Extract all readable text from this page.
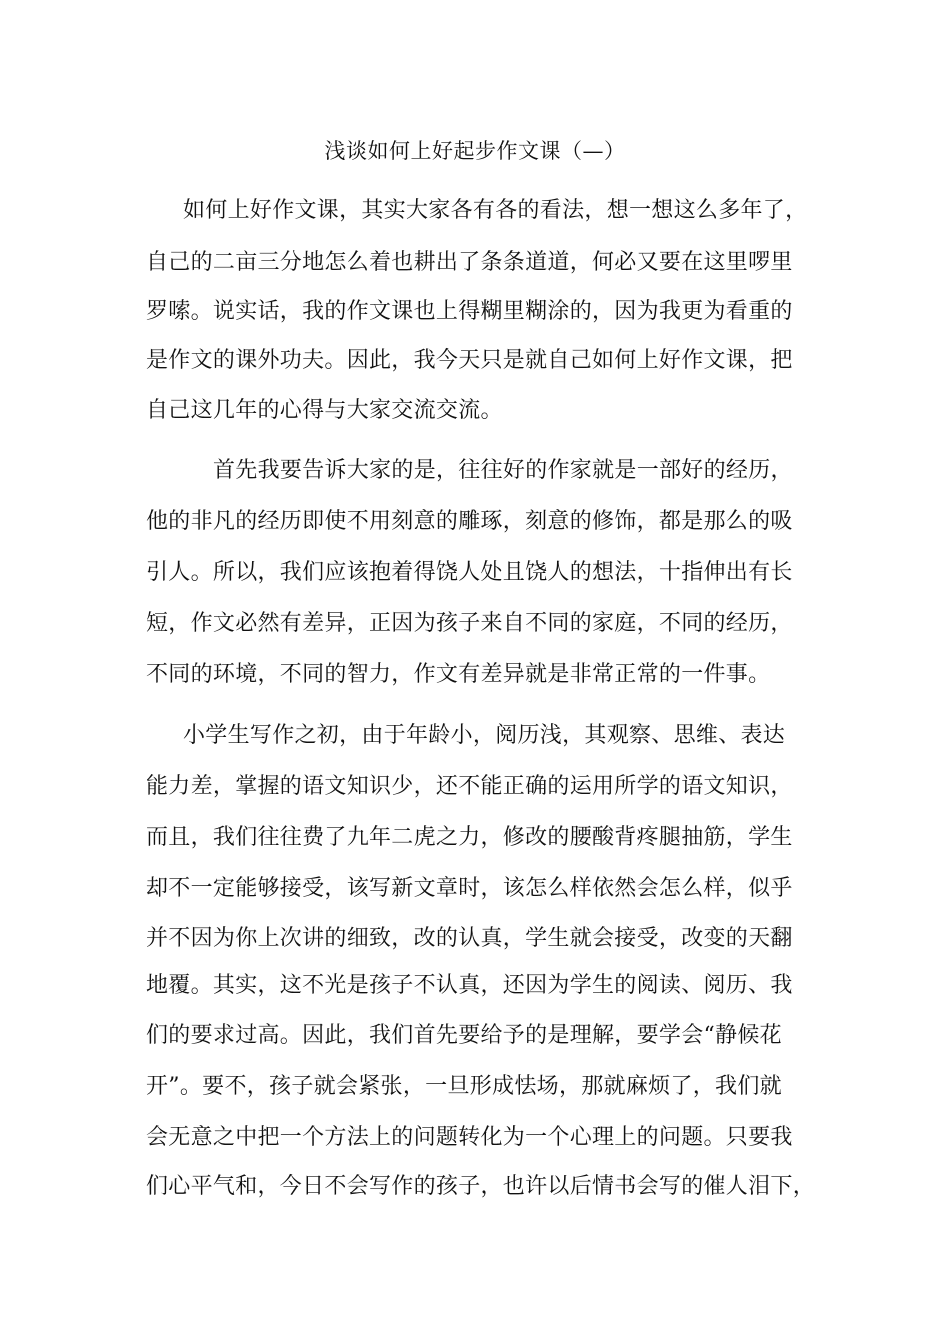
浅谈如何上好起步作文课（—）
如何上好作文课，其实大家各有各的看法，想一想这么多年了，
自己的二亩三分地怎么着也耕出了条条道道，何必又要在这里啰里
罗嗦。说实话，我的作文课也上得糊里糊涂的，因为我更为看重的
是作文的课外功夫。因此，我今天只是就自己如何上好作文课，把
自己这几年的心得与大家交流交流。
首先我要告诉大家的是，往往好的作家就是一部好的经历，
他的非凡的经历即使不用刻意的雕琢，刻意的修饰，都是那么的吸
引人。所以，我们应该抱着得饶人处且饶人的想法，十指伸出有长
短，作文必然有差异，正因为孩子来自不同的家庭，不同的经历，
不同的环境，不同的智力，作文有差异就是非常正常的一件事。
小学生写作之初，由于年龄小，阅历浅，其观察、思维、表达
能力差，掌握的语文知识少，还不能正确的运用所学的语文知识，
而且，我们往往费了九年二虎之力，修改的腰酸背疼腿抽筋，学生
却不一定能够接受，该写新文章时，该怎么样依然会怎么样，似乎
并不因为你上次讲的细致，改的认真，学生就会接受，改变的天翻
地覆。其实，这不光是孩子不认真，还因为学生的阅读、阅历、我
们的要求过高。因此，我们首先要给予的是理解，要学会“静候花
开”。要不，孩子就会紧张，一旦形成怯场，那就麻烦了，我们就
会无意之中把一个方法上的问题转化为一个心理上的问题。只要我
们心平气和，今日不会写作的孩子，也许以后情书会写的催人泪下，
